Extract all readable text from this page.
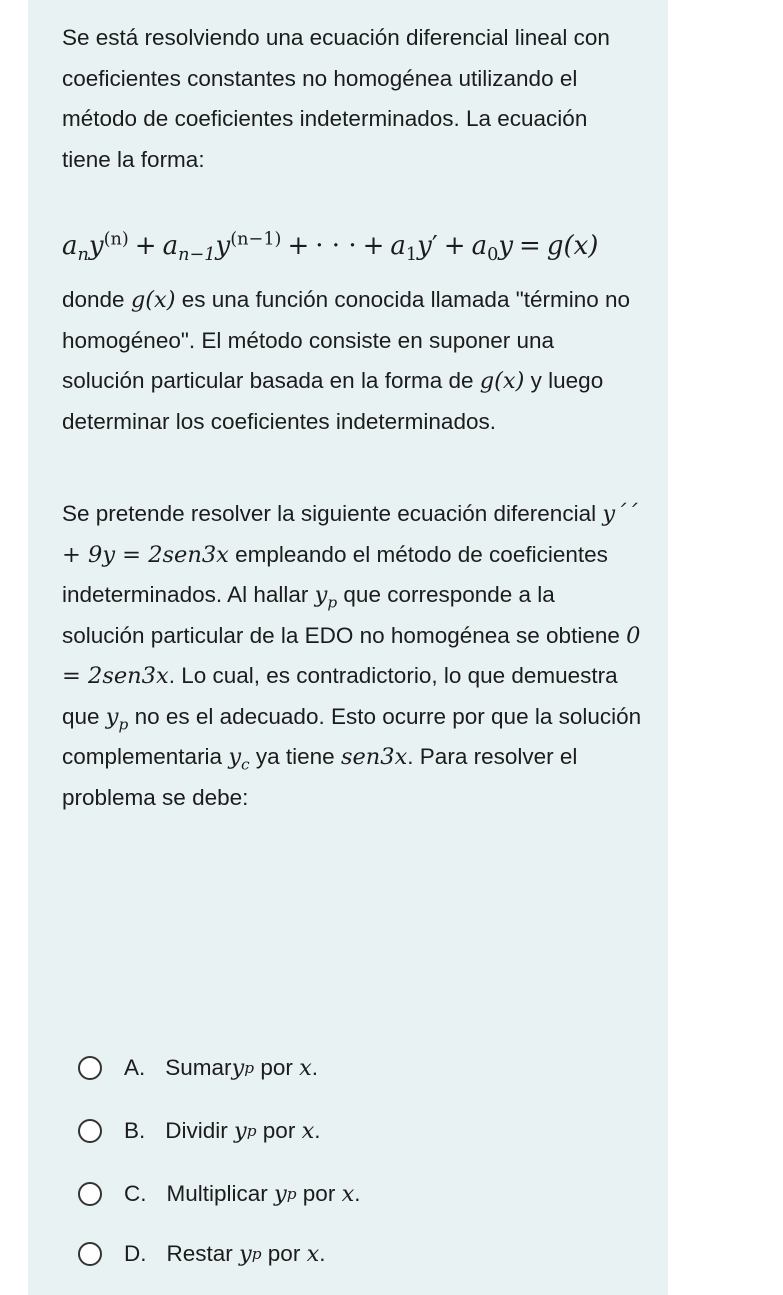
Se está resolviendo una ecuación diferencial lineal con coeficientes constantes no homogénea utilizando el método de coeficientes indeterminados. La ecuación tiene la forma:
$a_ny^{(n)} + a_{n-1}y^{(n-1)}$ + · · · + $a_1y' + a_0y = g(x)$
donde g(x) es una función conocida llamada "término no homogéneo". El método consiste en suponer una solución particular basada en la forma de g(x) y luego determinar los coeficientes indeterminados.
Se pretende resolver la siguiente ecuación diferencial y´´ + 9y = 2sen3x empleando el método de coeficientes indeterminados. Al hallar $y_p$ que corresponde a la solución particular de la EDO no homogénea se obtiene 0 = 2sen3x. Lo cual, es contradictorio, lo que demuestra que $y_p$ no es el adecuado. Esto ocurre por que la solución complementaria $y_c$ ya tiene sen3x. Para resolver el problema se debe:
A. Sumar y p por x .
B. Dividir y p por x .
C. Multiplicar y p por x .
D. Restar y p por x .
